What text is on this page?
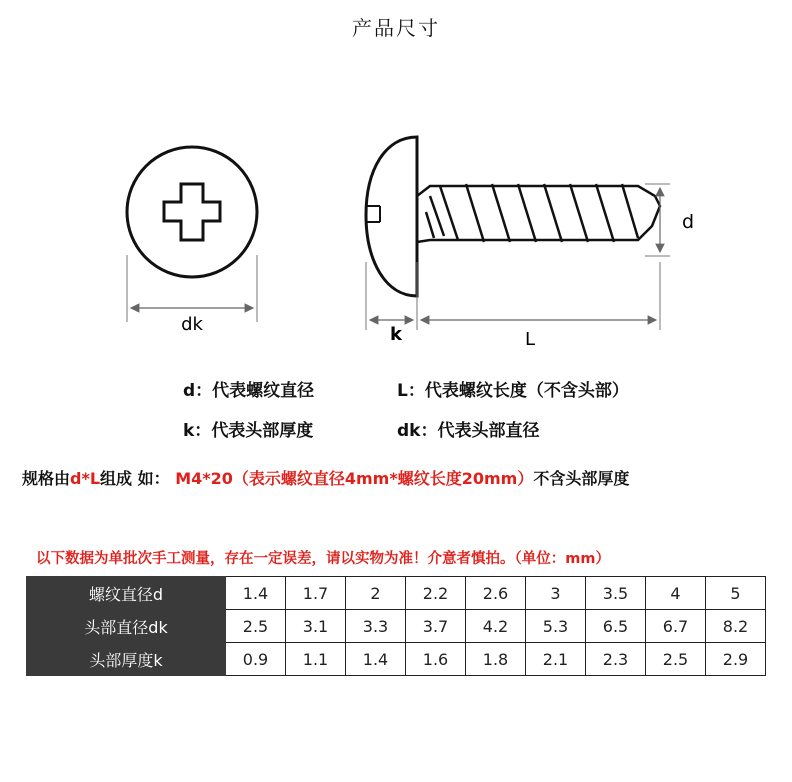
产品尺寸
dk
d
k	L
d：代表螺纹直径	L：代表螺纹长度（不含头部）
k：代表头部厚度	dk：代表头部直径
规格由d*L组成 如： M4*20（表示螺纹直径4mm*螺纹长度20mm）不含头部厚度
以下数据为单批次手工测量，存在一定误差，请以实物为准！介意者慎拍。（单位：mm）
螺纹直径d	1.4	1.7	2	2.2	2.6	3	3.5	4	5
头部直径dk	2.5	3.1	3.3	3.7	4.2	5.3	6.5	6.7	8.2
头部厚度k	0.9	1.1	1.4	1.6	1.8	2.1	2.3	2.5	2.9
